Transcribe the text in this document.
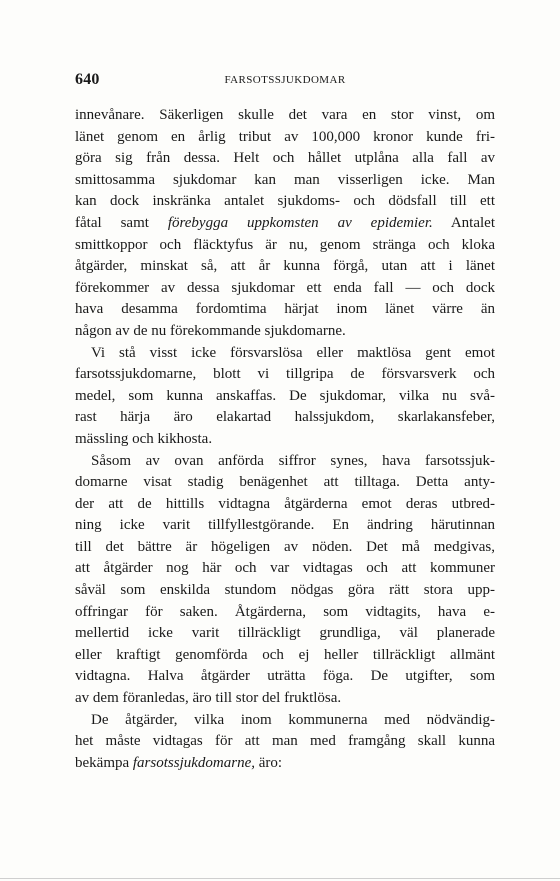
640	FARSOTSSJUKDOMAR
innevånare. Säkerligen skulle det vara en stor vinst, om
länet genom en årlig tribut av 100,000 kronor kunde fri-
göra sig från dessa. Helt och hållet utplåna alla fall av
smittosamma sjukdomar kan man visserligen icke. Man
kan dock inskränka antalet sjukdoms- och dödsfall till ett
fåtal samt förebygga uppkomsten av epidemier. Antalet
smittkoppor och fläcktyfus är nu, genom stränga och kloka
åtgärder, minskat så, att år kunna förgå, utan att i länet
förekommer av dessa sjukdomar ett enda fall — och dock
hava desamma fordomtima härjat inom länet värre än
någon av de nu förekommande sjukdomarne.
Vi stå visst icke försvarslösa eller maktlösa gent emot
farsotssjukdomarne, blott vi tillgripa de försvarsverk och
medel, som kunna anskaffas. De sjukdomar, vilka nu svå-
rast härja äro elakartad halssjukdom, skarlakansfeber,
mässling och kikhosta.
Såsom av ovan anförda siffror synes, hava farsotssjuk-
domarne visat stadig benägenhet att tilltaga. Detta anty-
der att de hittills vidtagna åtgärderna emot deras utbred-
ning icke varit tillfyllestgörande. En ändring härutinnan
till det bättre är högeligen av nöden. Det må medgivas,
att åtgärder nog här och var vidtagas och att kommuner
såväl som enskilda stundom nödgas göra rätt stora upp-
offringar för saken. Åtgärderna, som vidtagits, hava e-
mellertid icke varit tillräckligt grundliga, väl planerade
eller kraftigt genomförda och ej heller tillräckligt allmänt
vidtagna. Halva åtgärder uträtta föga. De utgifter, som
av dem föranledas, äro till stor del fruktlösa.
De åtgärder, vilka inom kommunerna med nödvändig-
het måste vidtagas för att man med framgång skall kunna
bekämpa farsotssjukdomarne, äro:
